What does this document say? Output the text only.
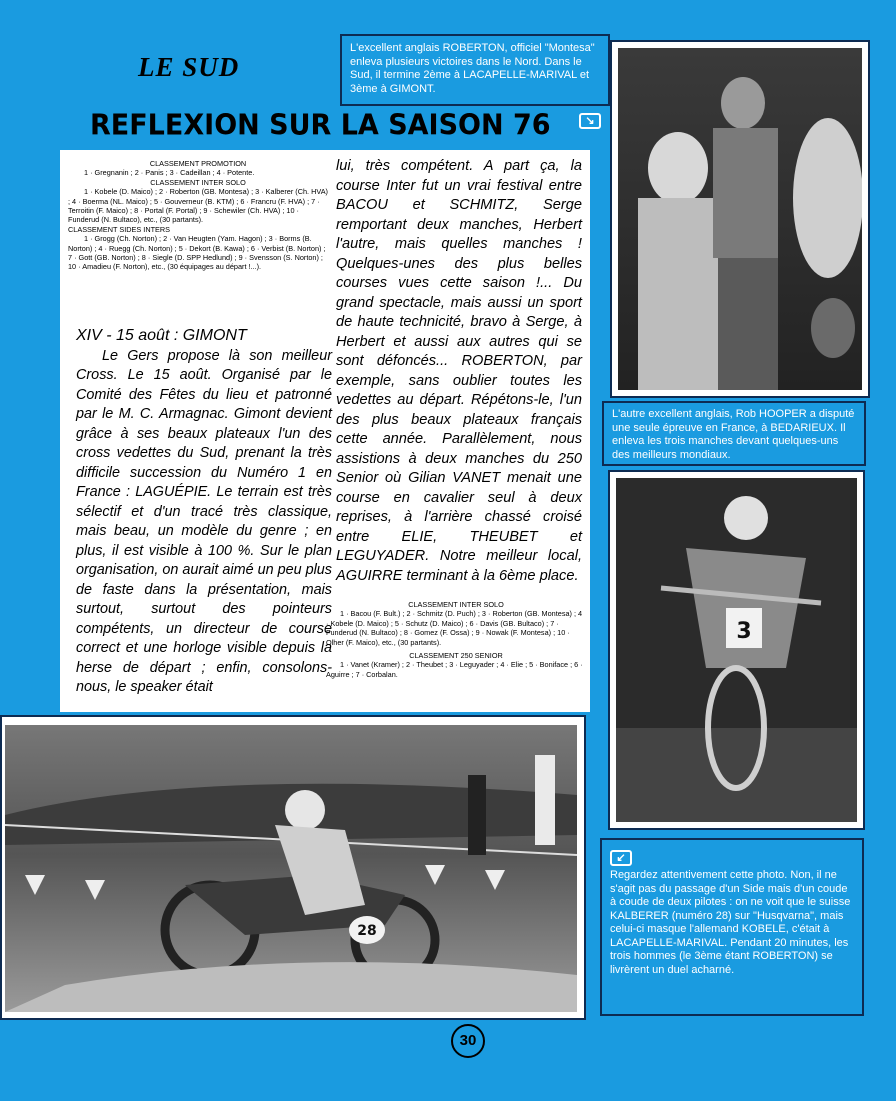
LE SUD
REFLEXION SUR LA SAISON 76	↘
L'excellent anglais ROBERTON, officiel "Montesa" enleva plusieurs victoires dans le Nord. Dans le Sud, il termine 2ème à LACAPELLE-MARIVAL et 3ème à GIMONT.
L'autre excellent anglais, Rob HOOPER a disputé une seule épreuve en France, à BEDARIEUX. Il enleva les trois manches devant quelques-uns des meilleurs mondiaux.
3
↙
Regardez attentivement cette photo. Non, il ne s'agit pas du passage d'un Side mais d'un coude à coude de deux pilotes : on ne voit que le suisse KALBERER (numéro 28) sur "Husqvarna", mais celui-ci masque l'allemand KOBELE, c'était à LACAPELLE-MARIVAL. Pendant 20 minutes, les trois hommes (le 3ème étant ROBERTON) se livrèrent un duel acharné.
CLASSEMENT PROMOTION
1 · Gregnanin ; 2 · Panis ; 3 · Cadeillan ; 4 · Potente.
CLASSEMENT INTER SOLO
1 · Kobele (D. Maico) ; 2 · Roberton (GB. Montesa) ; 3 · Kalberer (Ch. HVA) ; 4 · Boerma (NL. Maico) ; 5 · Gouverneur (B. KTM) ; 6 · Francru (F. HVA) ; 7 · Terroitin (F. Maico) ; 8 · Portal (F. Portal) ; 9 · Schewiler (Ch. HVA) ; 10 · Funderud (N. Bultaco), etc., (30 partants).
CLASSEMENT SIDES INTERS
1 · Grogg (Ch. Norton) ; 2 · Van Heugten (Yam. Hagon) ; 3 · Borms (B. Norton) ; 4 · Ruegg (Ch. Norton) ; 5 · Dekort (B. Kawa) ; 6 · Verbist (B. Norton) ; 7 · Gott (GB. Norton) ; 8 · Siegle (D. SPP Hedlund) ; 9 · Svensson (S. Norton) ; 10 · Amadieu (F. Norton), etc., (30 équipages au départ !...).
XIV - 15 août : GIMONT
Le Gers propose là son meilleur Cross. Le 15 août. Organisé par le Comité des Fêtes du lieu et patronné par le M. C. Armagnac. Gimont devient grâce à ses beaux plateaux l'un des cross vedettes du Sud, prenant la très difficile succession du Numéro 1 en France : LAGUÉPIE. Le terrain est très sélectif et d'un tracé très classique, mais beau, un modèle du genre ; en plus, il est visible à 100 %. Sur le plan organisation, on aurait aimé un peu plus de faste dans la présentation, mais surtout, surtout des pointeurs compétents, un directeur de course correct et une horloge visible depuis la herse de départ ; enfin, consolons-nous, le speaker était
lui, très compétent. A part ça, la course Inter fut un vrai festival entre BACOU et SCHMITZ, Serge remportant deux manches, Herbert l'autre, mais quelles manches ! Quelques-unes des plus belles courses vues cette saison !... Du grand spectacle, mais aussi un sport de haute technicité, bravo à Serge, à Herbert et aussi aux autres qui se sont défoncés... ROBERTON, par exemple, sans oublier toutes les vedettes au départ. Répétons-le, l'un des plus beaux plateaux français cette année. Parallèlement, nous assistions à deux manches du 250 Senior où Gilian VANET menait une course en cavalier seul à deux reprises, à l'arrière chassé croisé entre ELIE, THEUBET et LEGUYADER. Notre meilleur local, AGUIRRE terminant à la 6ème place.
CLASSEMENT INTER SOLO
1 · Bacou (F. Bult.) ; 2 · Schmitz (D. Puch) ; 3 · Roberton (GB. Montesa) ; 4 · Kobele (D. Maico) ; 5 · Schutz (D. Maico) ; 6 · Davis (GB. Bultaco) ; 7 · Funderud (N. Bultaco) ; 8 · Gomez (F. Ossa) ; 9 · Nowak (F. Montesa) ; 10 · Olher (F. Maico), etc., (30 partants).
CLASSEMENT 250 SENIOR
1 · Vanet (Kramer) ; 2 · Theubet ; 3 · Leguyader ; 4 · Elie ; 5 · Boniface ; 6 · Aguirre ; 7 · Corbalan.
28
30
